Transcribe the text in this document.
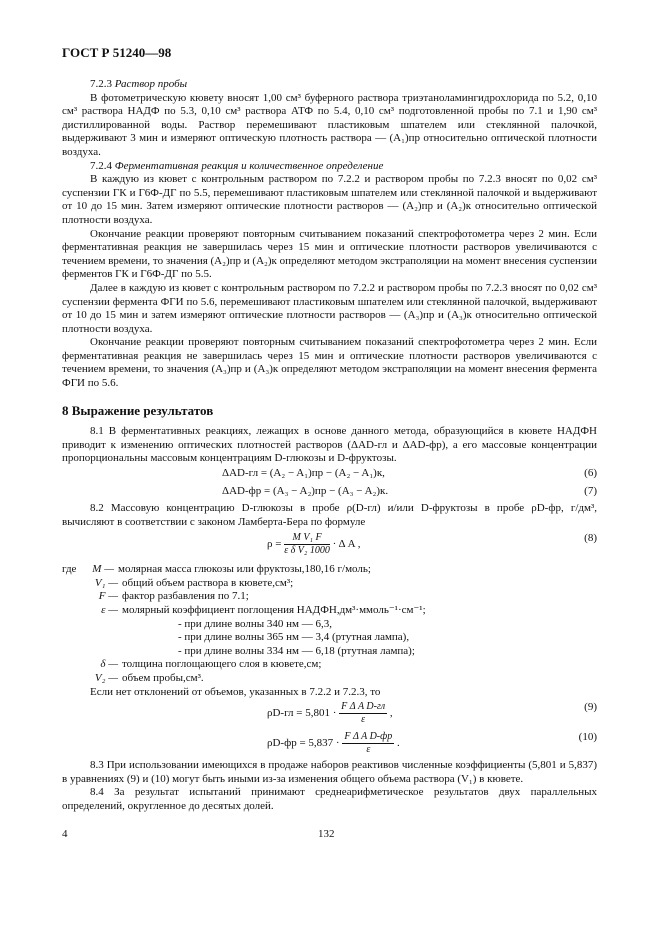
ГОСТ Р 51240—98

7.2.3 Раствор пробы

В фотометрическую кювету вносят 1,00 см³ буферного раствора триэтаноламингидрохлорида по 5.2, 0,10 см³ раствора НАДФ по 5.3, 0,10 см³ раствора АТФ по 5.4, 0,10 см³ подготовленной пробы по 7.1 и 1,90 см³ дистиллированной воды. Раствор перемешивают пластиковым шпателем или стеклянной палочкой, выдерживают 3 мин и измеряют оптическую плотность раствора — (A₁)пр относительно оптической плотности воздуха.

7.2.4 Ферментативная реакция и количественное определение

В каждую из кювет с контрольным раствором по 7.2.2 и раствором пробы по 7.2.3 вносят по 0,02 см³ суспензии ГК и Г6Ф-ДГ по 5.5, перемешивают пластиковым шпателем или стеклянной палочкой и выдерживают от 10 до 15 мин. Затем измеряют оптические плотности растворов — (A₂)пр и (A₂)к относительно оптической плотности воздуха.

Окончание реакции проверяют повторным считыванием показаний спектрофотометра через 2 мин. Если ферментативная реакция не завершилась через 15 мин и оптические плотности растворов увеличиваются с течением времени, то значения (A₂)пр и (A₂)к определяют методом экстраполяции на момент внесения суспензии ферментов ГК и Г6Ф-ДГ по 5.5.

Далее в каждую из кювет с контрольным раствором по 7.2.2 и раствором пробы по 7.2.3 вносят по 0,02 см³ суспензии фермента ФГИ по 5.6, перемешивают пластиковым шпателем или стеклянной палочкой, выдерживают от 10 до 15 мин и затем измеряют оптические плотности растворов — (A₃)пр и (A₃)к относительно оптической плотности воздуха.

Окончание реакции проверяют повторным считыванием показаний спектрофотометра через 2 мин. Если ферментативная реакция не завершилась через 15 мин и оптические плотности растворов увеличиваются с течением времени, то значения (A₃)пр и (A₃)к определяют методом экстраполяции на момент внесения фермента ФГИ по 5.6.

8 Выражение результатов

8.1 В ферментативных реакциях, лежащих в основе данного метода, образующийся в кювете НАДФН приводит к изменению оптических плотностей растворов (ΔAD-гл и ΔAD-фр), а его массовые концентрации пропорциональны массовым концентрациям D-глюкозы и D-фруктозы.

ΔAD-гл = (A₂ − A₁)пр − (A₂ − A₁)к,	(6)
ΔAD-фр = (A₃ − A₂)пр − (A₃ − A₂)к.	(7)

8.2 Массовую концентрацию D-глюкозы в пробе ρ(D-гл) и/или D-фруктозы в пробе ρD-фр, г/дм³, вычисляют в соответствии с законом Ламберта-Бера по формуле

$\rho = \frac{\text{M V₁ F}}{\text{ε δ V₂ 1000}} \cdot \Delta$ A ,
(8)
где	M — молярная масса глюкозы или фруктозы,180,16 г/моль;
V₁ — общий объем раствора в кювете,см³;
F — фактор разбавления по 7.1;
ε — молярный коэффициент поглощения НАДФН,дм³·ммоль⁻¹·см⁻¹;
- при длине волны 340 нм — 6,3,
- при длине волны 365 нм — 3,4 (ртутная лампа),
- при длине волны 334 нм — 6,18 (ртутная лампа);
δ — толщина поглощающего слоя в кювете,см;
V₂ — объем пробы,см³.

Если нет отклонений от объемов, указанных в 7.2.2 и 7.2.3, то

$\rho D-гл = 5,801 \cdot \frac{\text{F Δ A D-гл}}{\varepsilon}$ ,
(9)
$\rho D-фр = 5,837 \cdot \frac{\text{F Δ A D-фр}}{\varepsilon}$ .
(10)

8.3 При использовании имеющихся в продаже наборов реактивов численные коэффициенты (5,801 и 5,837) в уравнениях (9) и (10) могут быть иными из-за изменения общего объема раствора (V₁) в кювете.

8.4 За результат испытаний принимают среднеарифметическое результатов двух параллельных определений, округленное до десятых долей.

4	132
